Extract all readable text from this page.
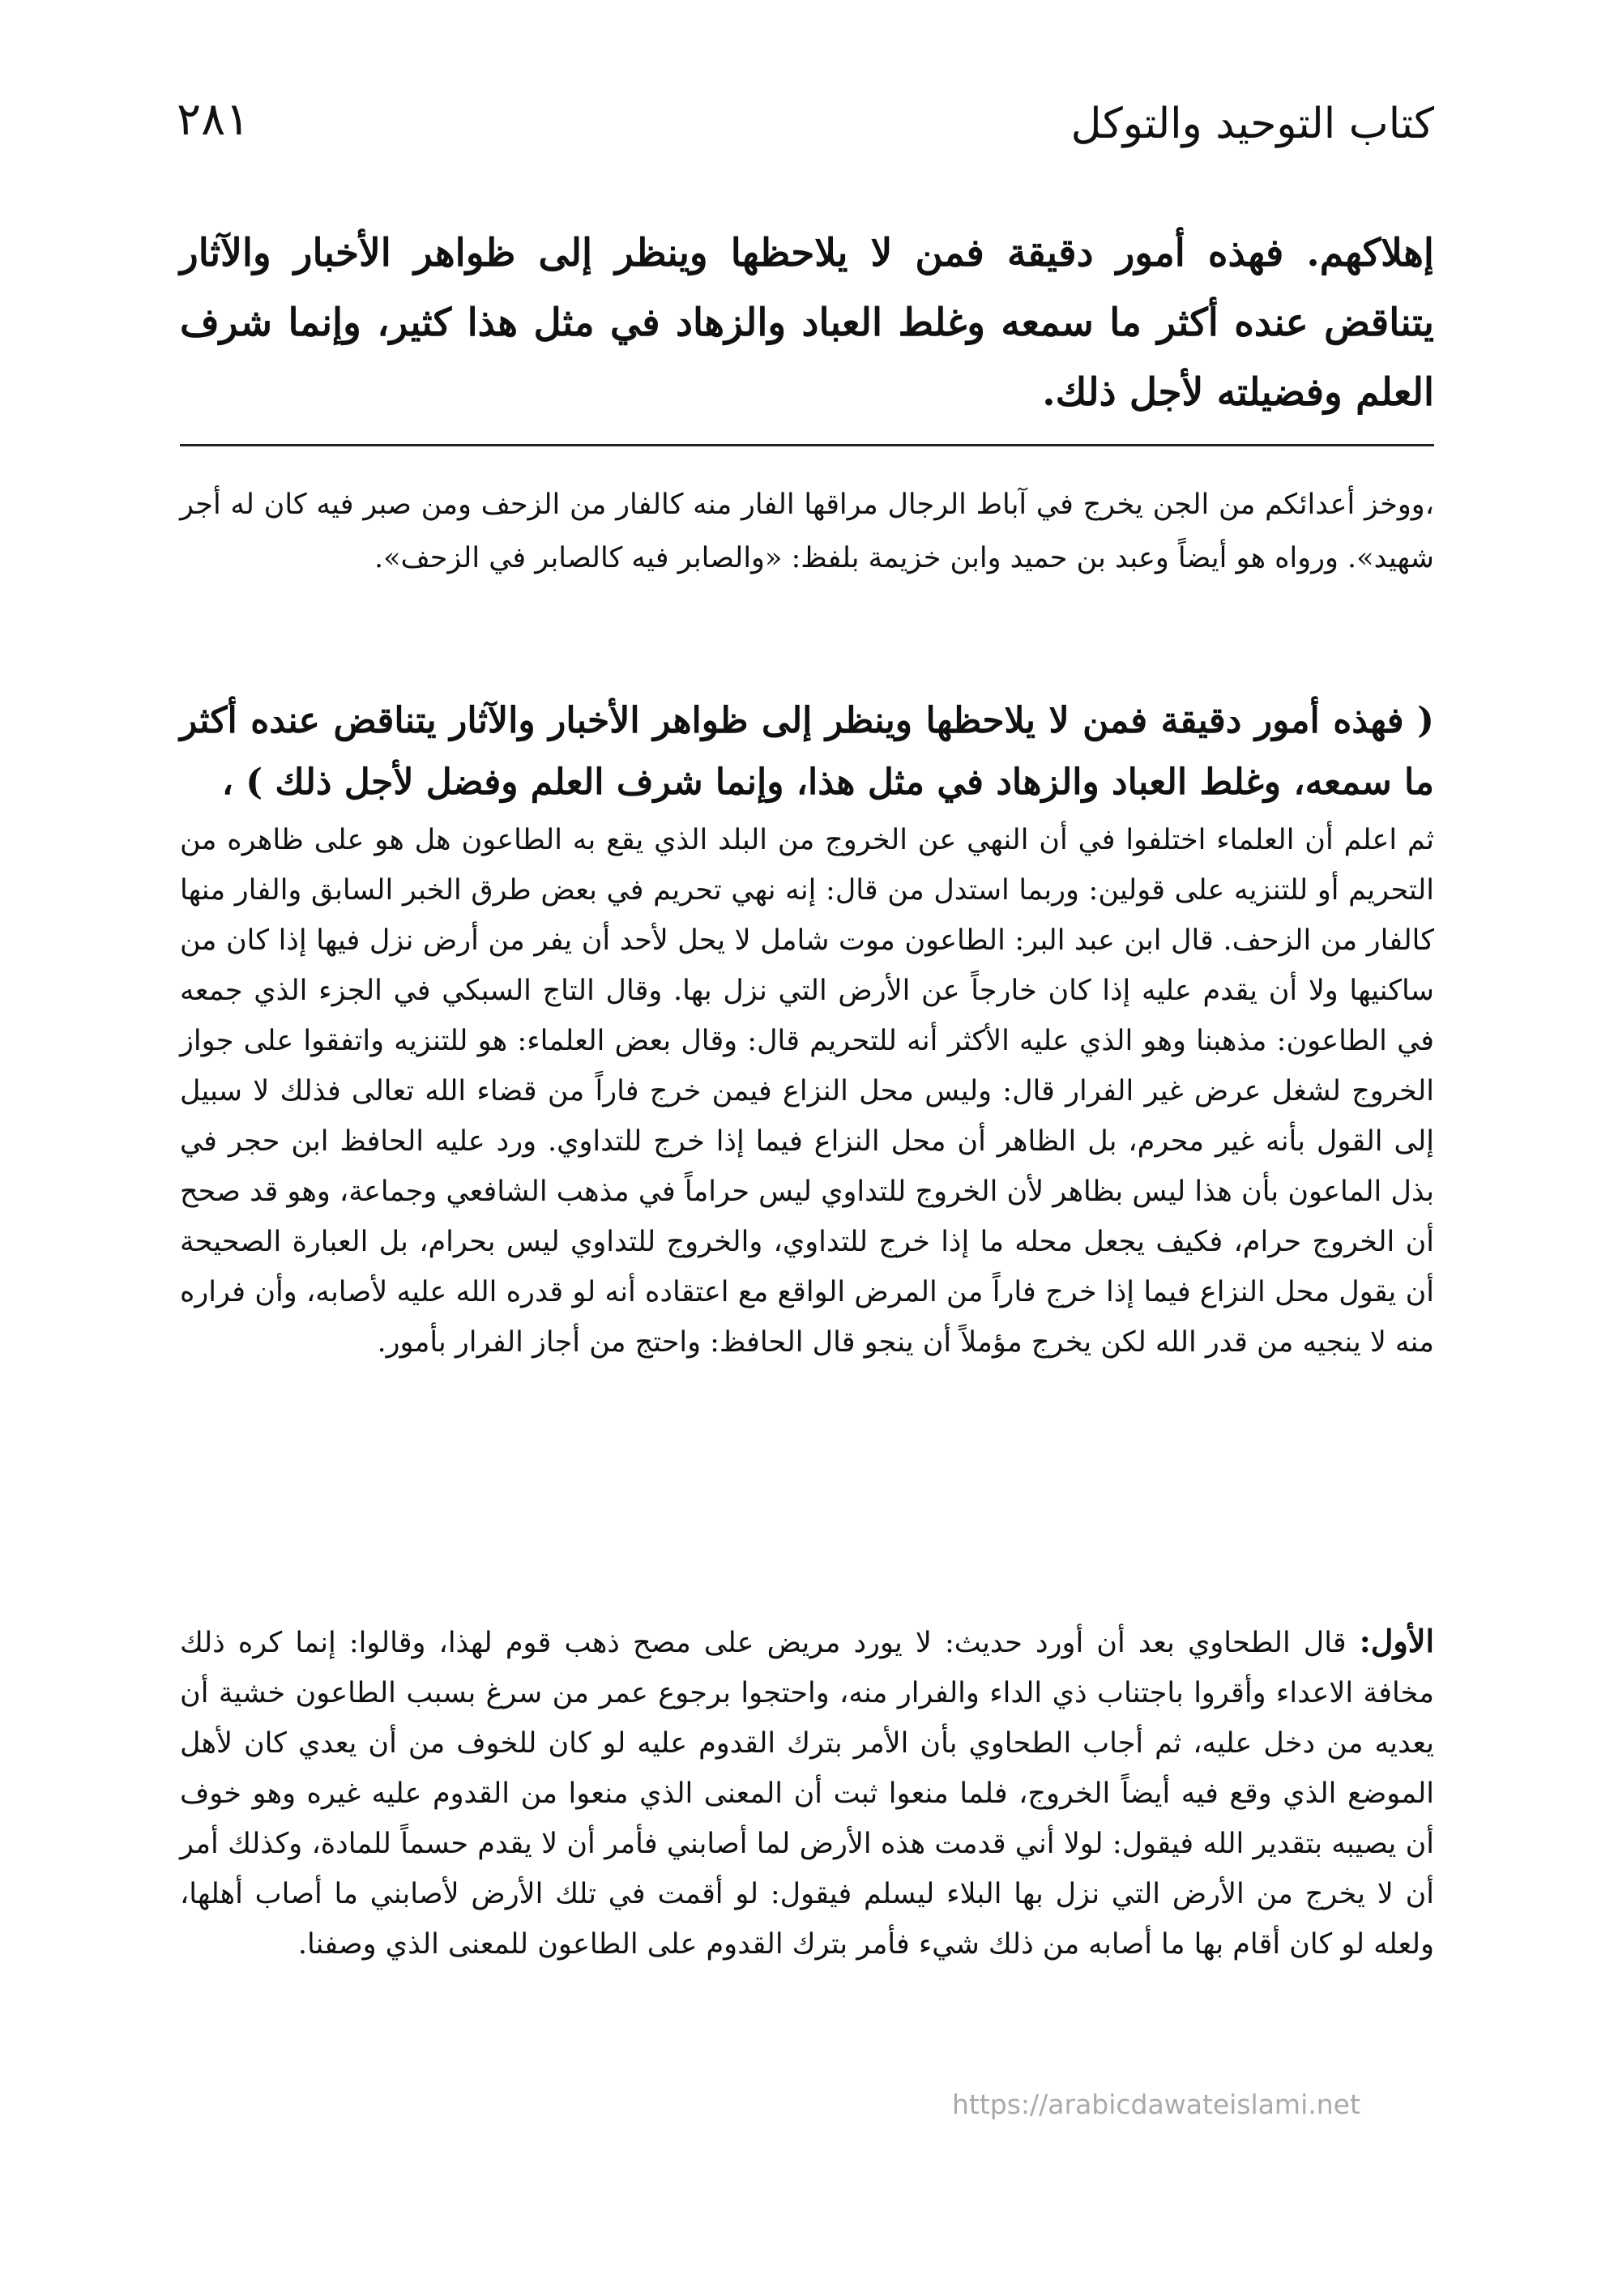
٢٨١	كتاب التوحيد والتوكل
إهلاكهم. فهذه أمور دقيقة فمن لا يلاحظها وينظر إلى ظواهر الأخبار والآثار يتناقض عنده أكثر ما سمعه وغلط العباد والزهاد في مثل هذا كثير، وإنما شرف العلم وفضيلته لأجل ذلك.
،ووخز أعدائكم من الجن يخرج في آباط الرجال مراقها الفار منه كالفار من الزحف ومن صبر فيه كان له أجر شهيد». ورواه هو أيضاً وعبد بن حميد وابن خزيمة بلفظ: «والصابر فيه كالصابر في الزحف».
( فهذه أمور دقيقة فمن لا يلاحظها وينظر إلى ظواهر الأخبار والآثار يتناقض عنده أكثر ما سمعه، وغلط العباد والزهاد في مثل هذا، وإنما شرف العلم وفضل لأجل ذلك ) ،
ثم اعلم أن العلماء اختلفوا في أن النهي عن الخروج من البلد الذي يقع به الطاعون هل هو على ظاهره من التحريم أو للتنزيه على قولين: وربما استدل من قال: إنه نهي تحريم في بعض طرق الخبر السابق والفار منها كالفار من الزحف. قال ابن عبد البر: الطاعون موت شامل لا يحل لأحد أن يفر من أرض نزل فيها إذا كان من ساكنيها ولا أن يقدم عليه إذا كان خارجاً عن الأرض التي نزل بها. وقال التاج السبكي في الجزء الذي جمعه في الطاعون: مذهبنا وهو الذي عليه الأكثر أنه للتحريم قال: وقال بعض العلماء: هو للتنزيه واتفقوا على جواز الخروج لشغل عرض غير الفرار قال: وليس محل النزاع فيمن خرج فاراً من قضاء الله تعالى فذلك لا سبيل إلى القول بأنه غير محرم، بل الظاهر أن محل النزاع فيما إذا خرج للتداوي. ورد عليه الحافظ ابن حجر في بذل الماعون بأن هذا ليس بظاهر لأن الخروج للتداوي ليس حراماً في مذهب الشافعي وجماعة، وهو قد صحح أن الخروج حرام، فكيف يجعل محله ما إذا خرج للتداوي، والخروج للتداوي ليس بحرام، بل العبارة الصحيحة أن يقول محل النزاع فيما إذا خرج فاراً من المرض الواقع مع اعتقاده أنه لو قدره الله عليه لأصابه، وأن فراره منه لا ينجيه من قدر الله لكن يخرج مؤملاً أن ينجو قال الحافظ: واحتج من أجاز الفرار بأمور.
الأول: قال الطحاوي بعد أن أورد حديث: لا يورد مريض على مصح ذهب قوم لهذا، وقالوا: إنما كره ذلك مخافة الاعداء وأقروا باجتناب ذي الداء والفرار منه، واحتجوا برجوع عمر من سرغ بسبب الطاعون خشية أن يعديه من دخل عليه، ثم أجاب الطحاوي بأن الأمر بترك القدوم عليه لو كان للخوف من أن يعدي كان لأهل الموضع الذي وقع فيه أيضاً الخروج، فلما منعوا ثبت أن المعنى الذي منعوا من القدوم عليه غيره وهو خوف أن يصيبه بتقدير الله فيقول: لولا أني قدمت هذه الأرض لما أصابني فأمر أن لا يقدم حسماً للمادة، وكذلك أمر أن لا يخرج من الأرض التي نزل بها البلاء ليسلم فيقول: لو أقمت في تلك الأرض لأصابني ما أصاب أهلها، ولعله لو كان أقام بها ما أصابه من ذلك شيء فأمر بترك القدوم على الطاعون للمعنى الذي وصفنا.
https://arabicdawateislami.net
